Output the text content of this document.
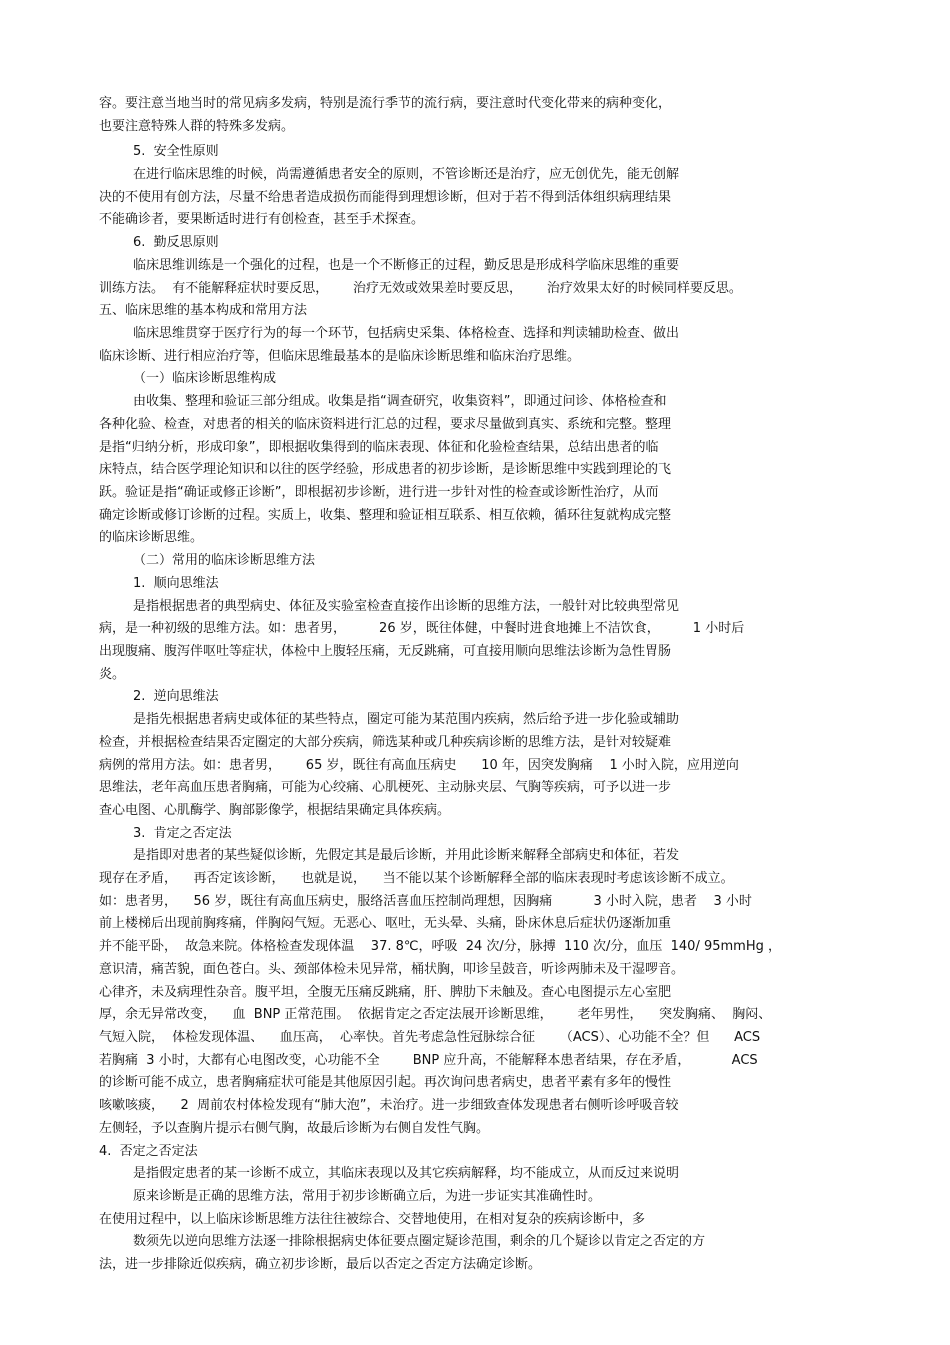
容。要注意当地当时的常见病多发病，特别是流行季节的流行病，要注意时代变化带来的病种变化，
也要注意特殊人群的特殊多发病。
5.  安全性原则
在进行临床思维的时候，尚需遵循患者安全的原则，不管诊断还是治疗，应无创优先，能无创解
决的不使用有创方法，尽量不给患者造成损伤而能得到理想诊断，但对于若不得到活体组织病理结果
不能确诊者，要果断适时进行有创检查，甚至手术探查。
6.  勤反思原则
临床思维训练是一个强化的过程，也是一个不断修正的过程，勤反思是形成科学临床思维的重要
训练方法。  有不能解释症状时要反思，      治疗无效或效果差时要反思，      治疗效果太好的时候同样要反思。
五、临床思维的基本构成和常用方法
临床思维贯穿于医疗行为的每一个环节，包括病史采集、体格检查、选择和判读辅助检查、做出
临床诊断、进行相应治疗等，但临床思维最基本的是临床诊断思维和临床治疗思维。
（一）临床诊断思维构成
由收集、整理和验证三部分组成。收集是指“调查研究，收集资料”，即通过问诊、体格检查和
各种化验、检查，对患者的相关的临床资料进行汇总的过程，要求尽量做到真实、系统和完整。整理
是指“归纳分析，形成印象”，即根据收集得到的临床表现、体征和化验检查结果，总结出患者的临
床特点，结合医学理论知识和以往的医学经验，形成患者的初步诊断，是诊断思维中实践到理论的飞
跃。验证是指“确证或修正诊断”，即根据初步诊断，进行进一步针对性的检查或诊断性治疗，从而
确定诊断或修订诊断的过程。实质上，收集、整理和验证相互联系、相互依赖，循环往复就构成完整
的临床诊断思维。
（二）常用的临床诊断思维方法
1.  顺向思维法
是指根据患者的典型病史、体征及实验室检查直接作出诊断的思维方法，一般针对比较典型常见
病，是一种初级的思维方法。如：患者男，        26 岁，既往体健，中餐时进食地摊上不洁饮食，        1 小时后
出现腹痛、腹泻伴呕吐等症状，体检中上腹轻压痛，无反跳痛，可直接用顺向思维法诊断为急性胃肠
炎。
2.  逆向思维法
是指先根据患者病史或体征的某些特点，圈定可能为某范围内疾病，然后给予进一步化验或辅助
检查，并根据检查结果否定圈定的大部分疾病，筛选某种或几种疾病诊断的思维方法，是针对较疑难
病例的常用方法。如：患者男，      65 岁，既往有高血压病史      10 年，因突发胸痛    1 小时入院，应用逆向
思维法，老年高血压患者胸痛，可能为心绞痛、心肌梗死、主动脉夹层、气胸等疾病，可予以进一步
查心电图、心肌酶学、胸部影像学，根据结果确定具体疾病。
3.  肯定之否定法
是指即对患者的某些疑似诊断，先假定其是最后诊断，并用此诊断来解释全部病史和体征，若发
现存在矛盾，    再否定该诊断，    也就是说，    当不能以某个诊断解释全部的临床表现时考虑该诊断不成立。
如：患者男，    56 岁，既往有高血压病史，服络活喜血压控制尚理想，因胸痛          3 小时入院，患者    3 小时
前上楼梯后出现前胸疼痛，伴胸闷气短。无恶心、呕吐，无头晕、头痛，卧床休息后症状仍逐渐加重
并不能平卧，  故急来院。体格检查发现体温    37. 8℃，呼吸  24 次/分，脉搏  110 次/分，血压  140/ 95mmHg ，
意识清，痛苦貌，面色苍白。头、颈部体检未见异常，桶状胸，叩诊呈鼓音，听诊两肺未及干湿啰音。
心律齐，未及病理性杂音。腹平坦，全腹无压痛反跳痛，肝、脾肋下未触及。查心电图提示左心室肥
厚，余无异常改变，    血  BNP 正常范围。  依据肯定之否定法展开诊断思维，      老年男性，    突发胸痛、  胸闷、
气短入院，  体检发现体温、    血压高，  心率快。首先考虑急性冠脉综合征      （ACS）、心功能不全？但      ACS
若胸痛  3 小时，大都有心电图改变，心功能不全        BNP 应升高，不能解释本患者结果，存在矛盾，          ACS
的诊断可能不成立，患者胸痛症状可能是其他原因引起。再次询问患者病史，患者平素有多年的慢性
咳嗽咳痰，    2  周前农村体检发现有“肺大泡”，未治疗。进一步细致查体发现患者右侧听诊呼吸音较
左侧轻，予以查胸片提示右侧气胸，故最后诊断为右侧自发性气胸。
4.  否定之否定法
是指假定患者的某一诊断不成立，其临床表现以及其它疾病解释，均不能成立，从而反过来说明
原来诊断是正确的思维方法，常用于初步诊断确立后，为进一步证实其准确性时。
在使用过程中，以上临床诊断思维方法往往被综合、交替地使用，在相对复杂的疾病诊断中，多
数须先以逆向思维方法逐一排除根据病史体征要点圈定疑诊范围，剩余的几个疑诊以肯定之否定的方
法，进一步排除近似疾病，确立初步诊断，最后以否定之否定方法确定诊断。
